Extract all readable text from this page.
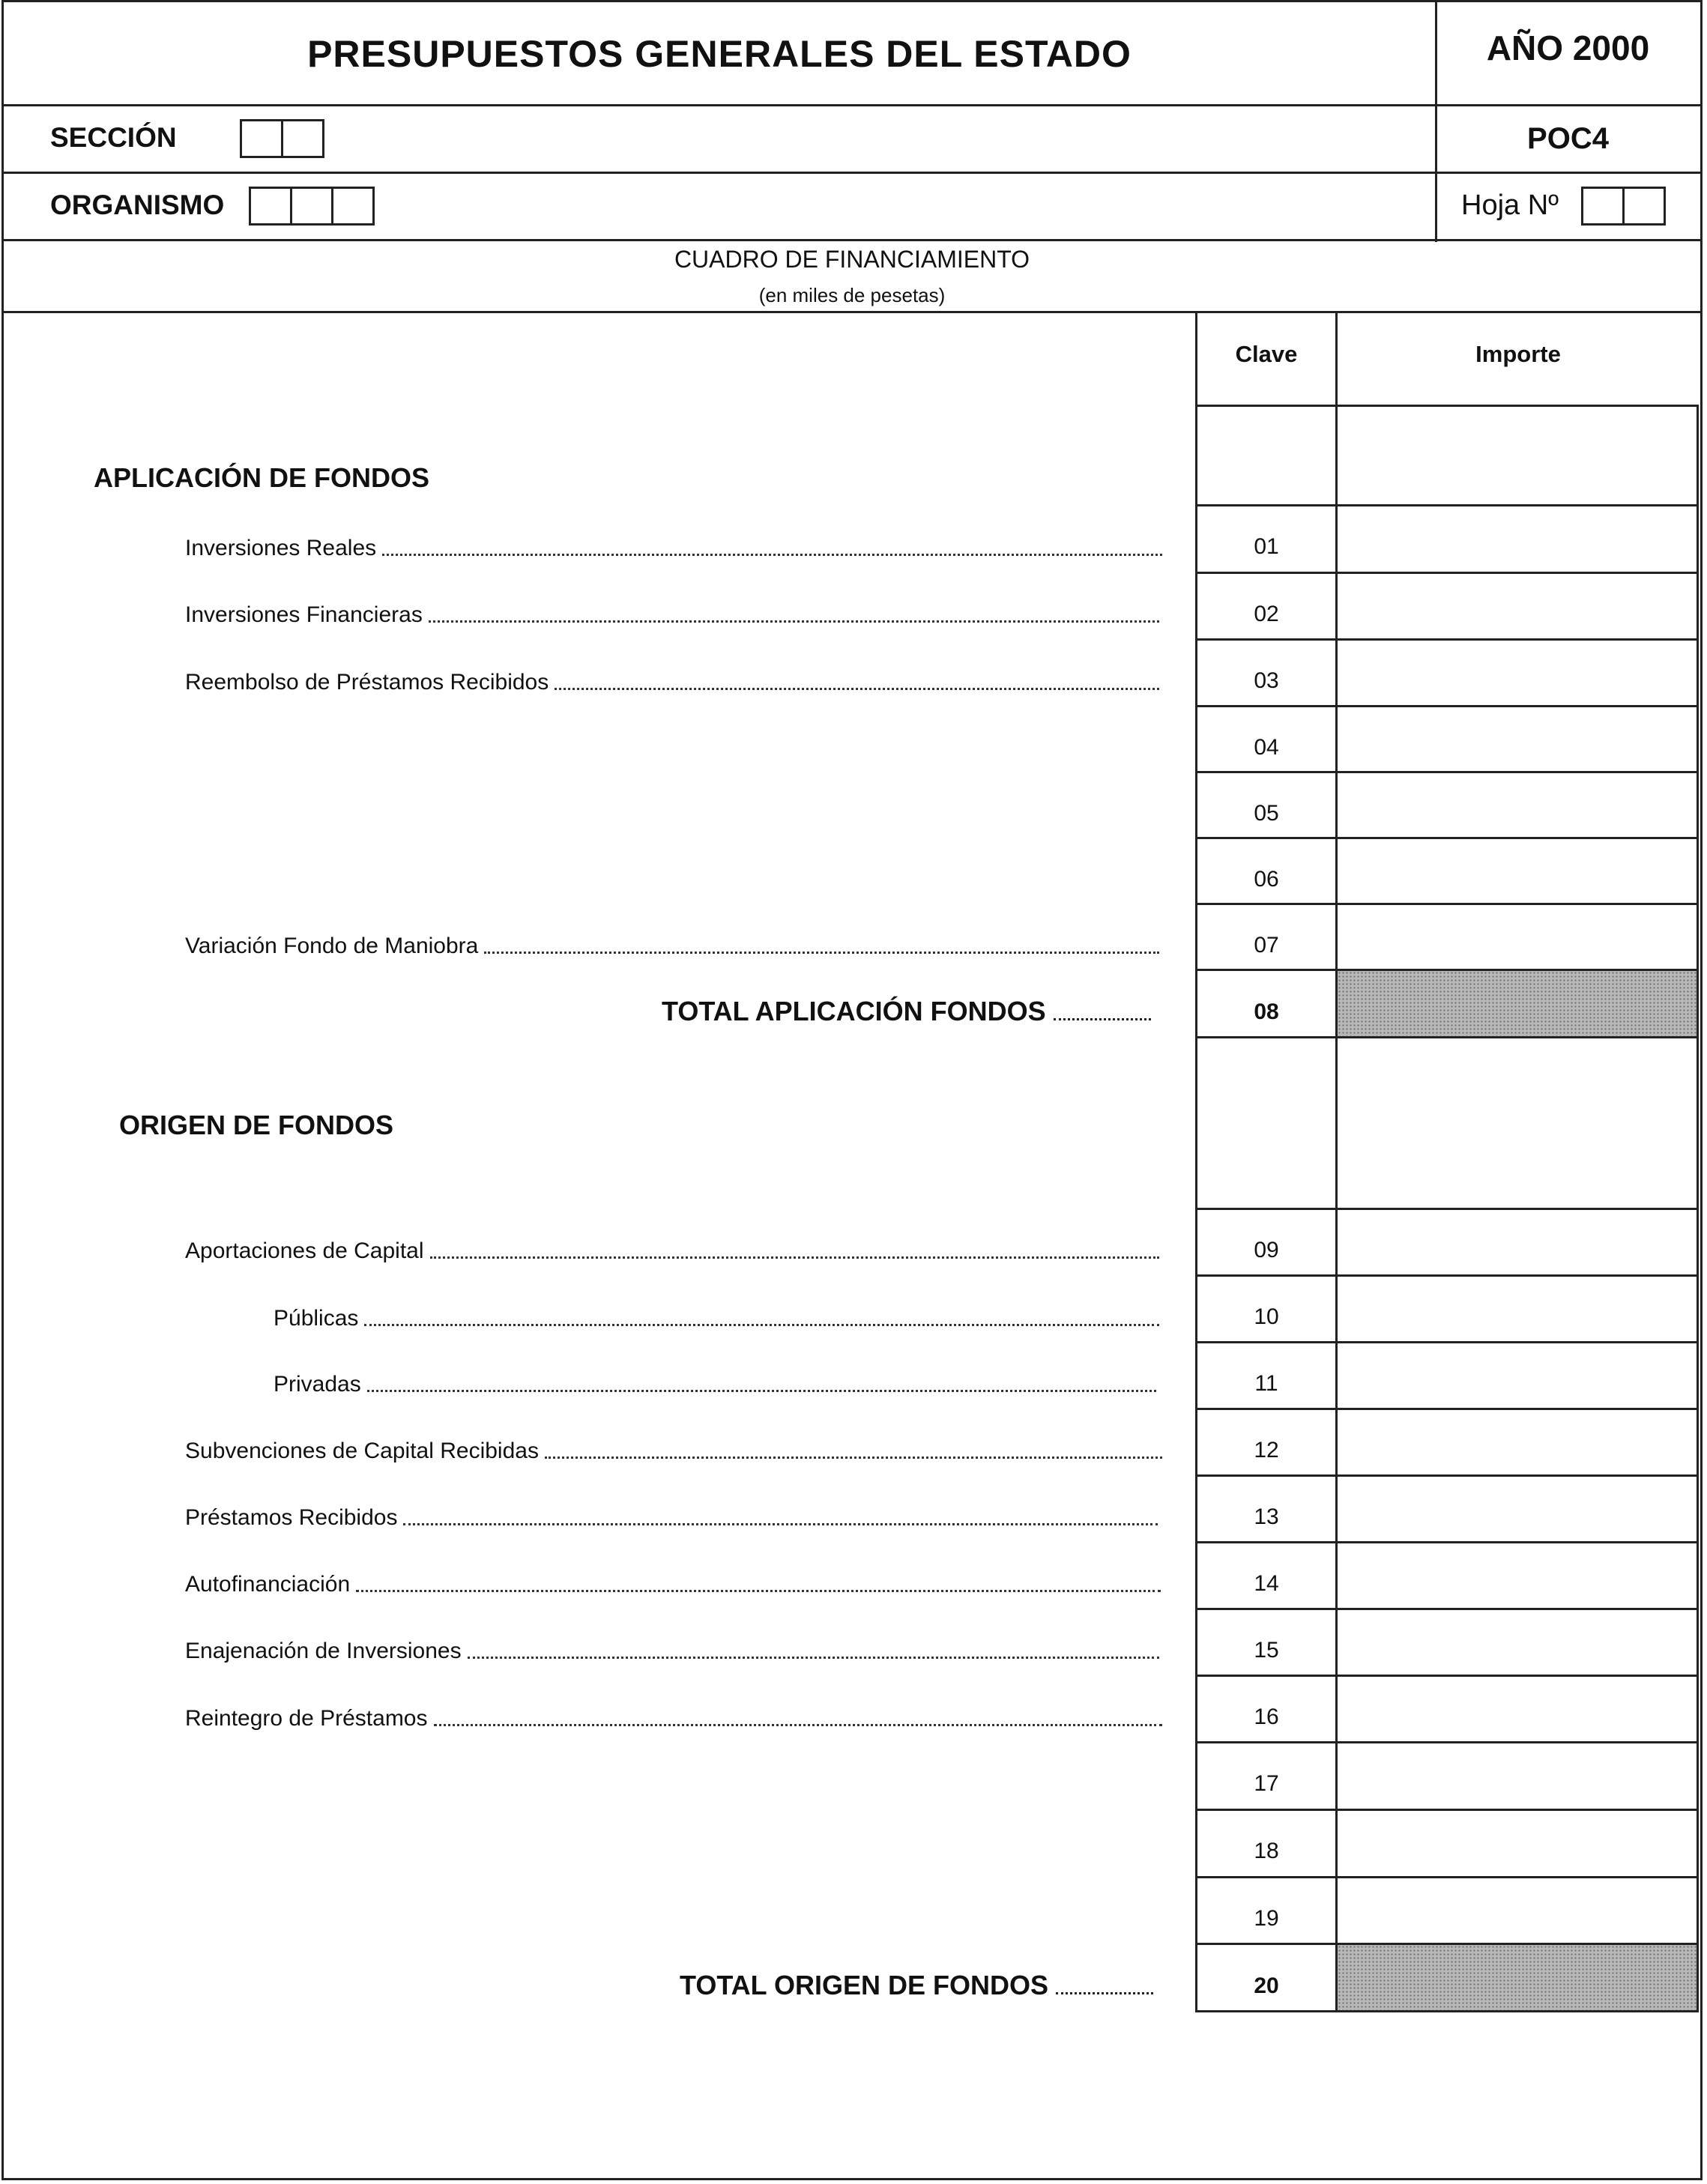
PRESUPUESTOS GENERALES DEL ESTADO	AÑO 2000
SECCIÓN	POC4
ORGANISMO	Hoja Nº
CUADRO DE FINANCIAMIENTO
(en miles de pesetas)
Clave	Importe
APLICACIÓN DE FONDOS
Inversiones Reales	01
Inversiones Financieras	02
Reembolso de Préstamos Recibidos	03
04
05
06
Variación Fondo de Maniobra	07
TOTAL APLICACIÓN FONDOS	08
ORIGEN DE FONDOS
Aportaciones de Capital	09
Públicas	10
Privadas	11
Subvenciones de Capital Recibidas	12
Préstamos Recibidos	13
Autofinanciación	14
Enajenación de Inversiones	15
Reintegro de Préstamos	16
17
18
19
TOTAL ORIGEN DE FONDOS	20
